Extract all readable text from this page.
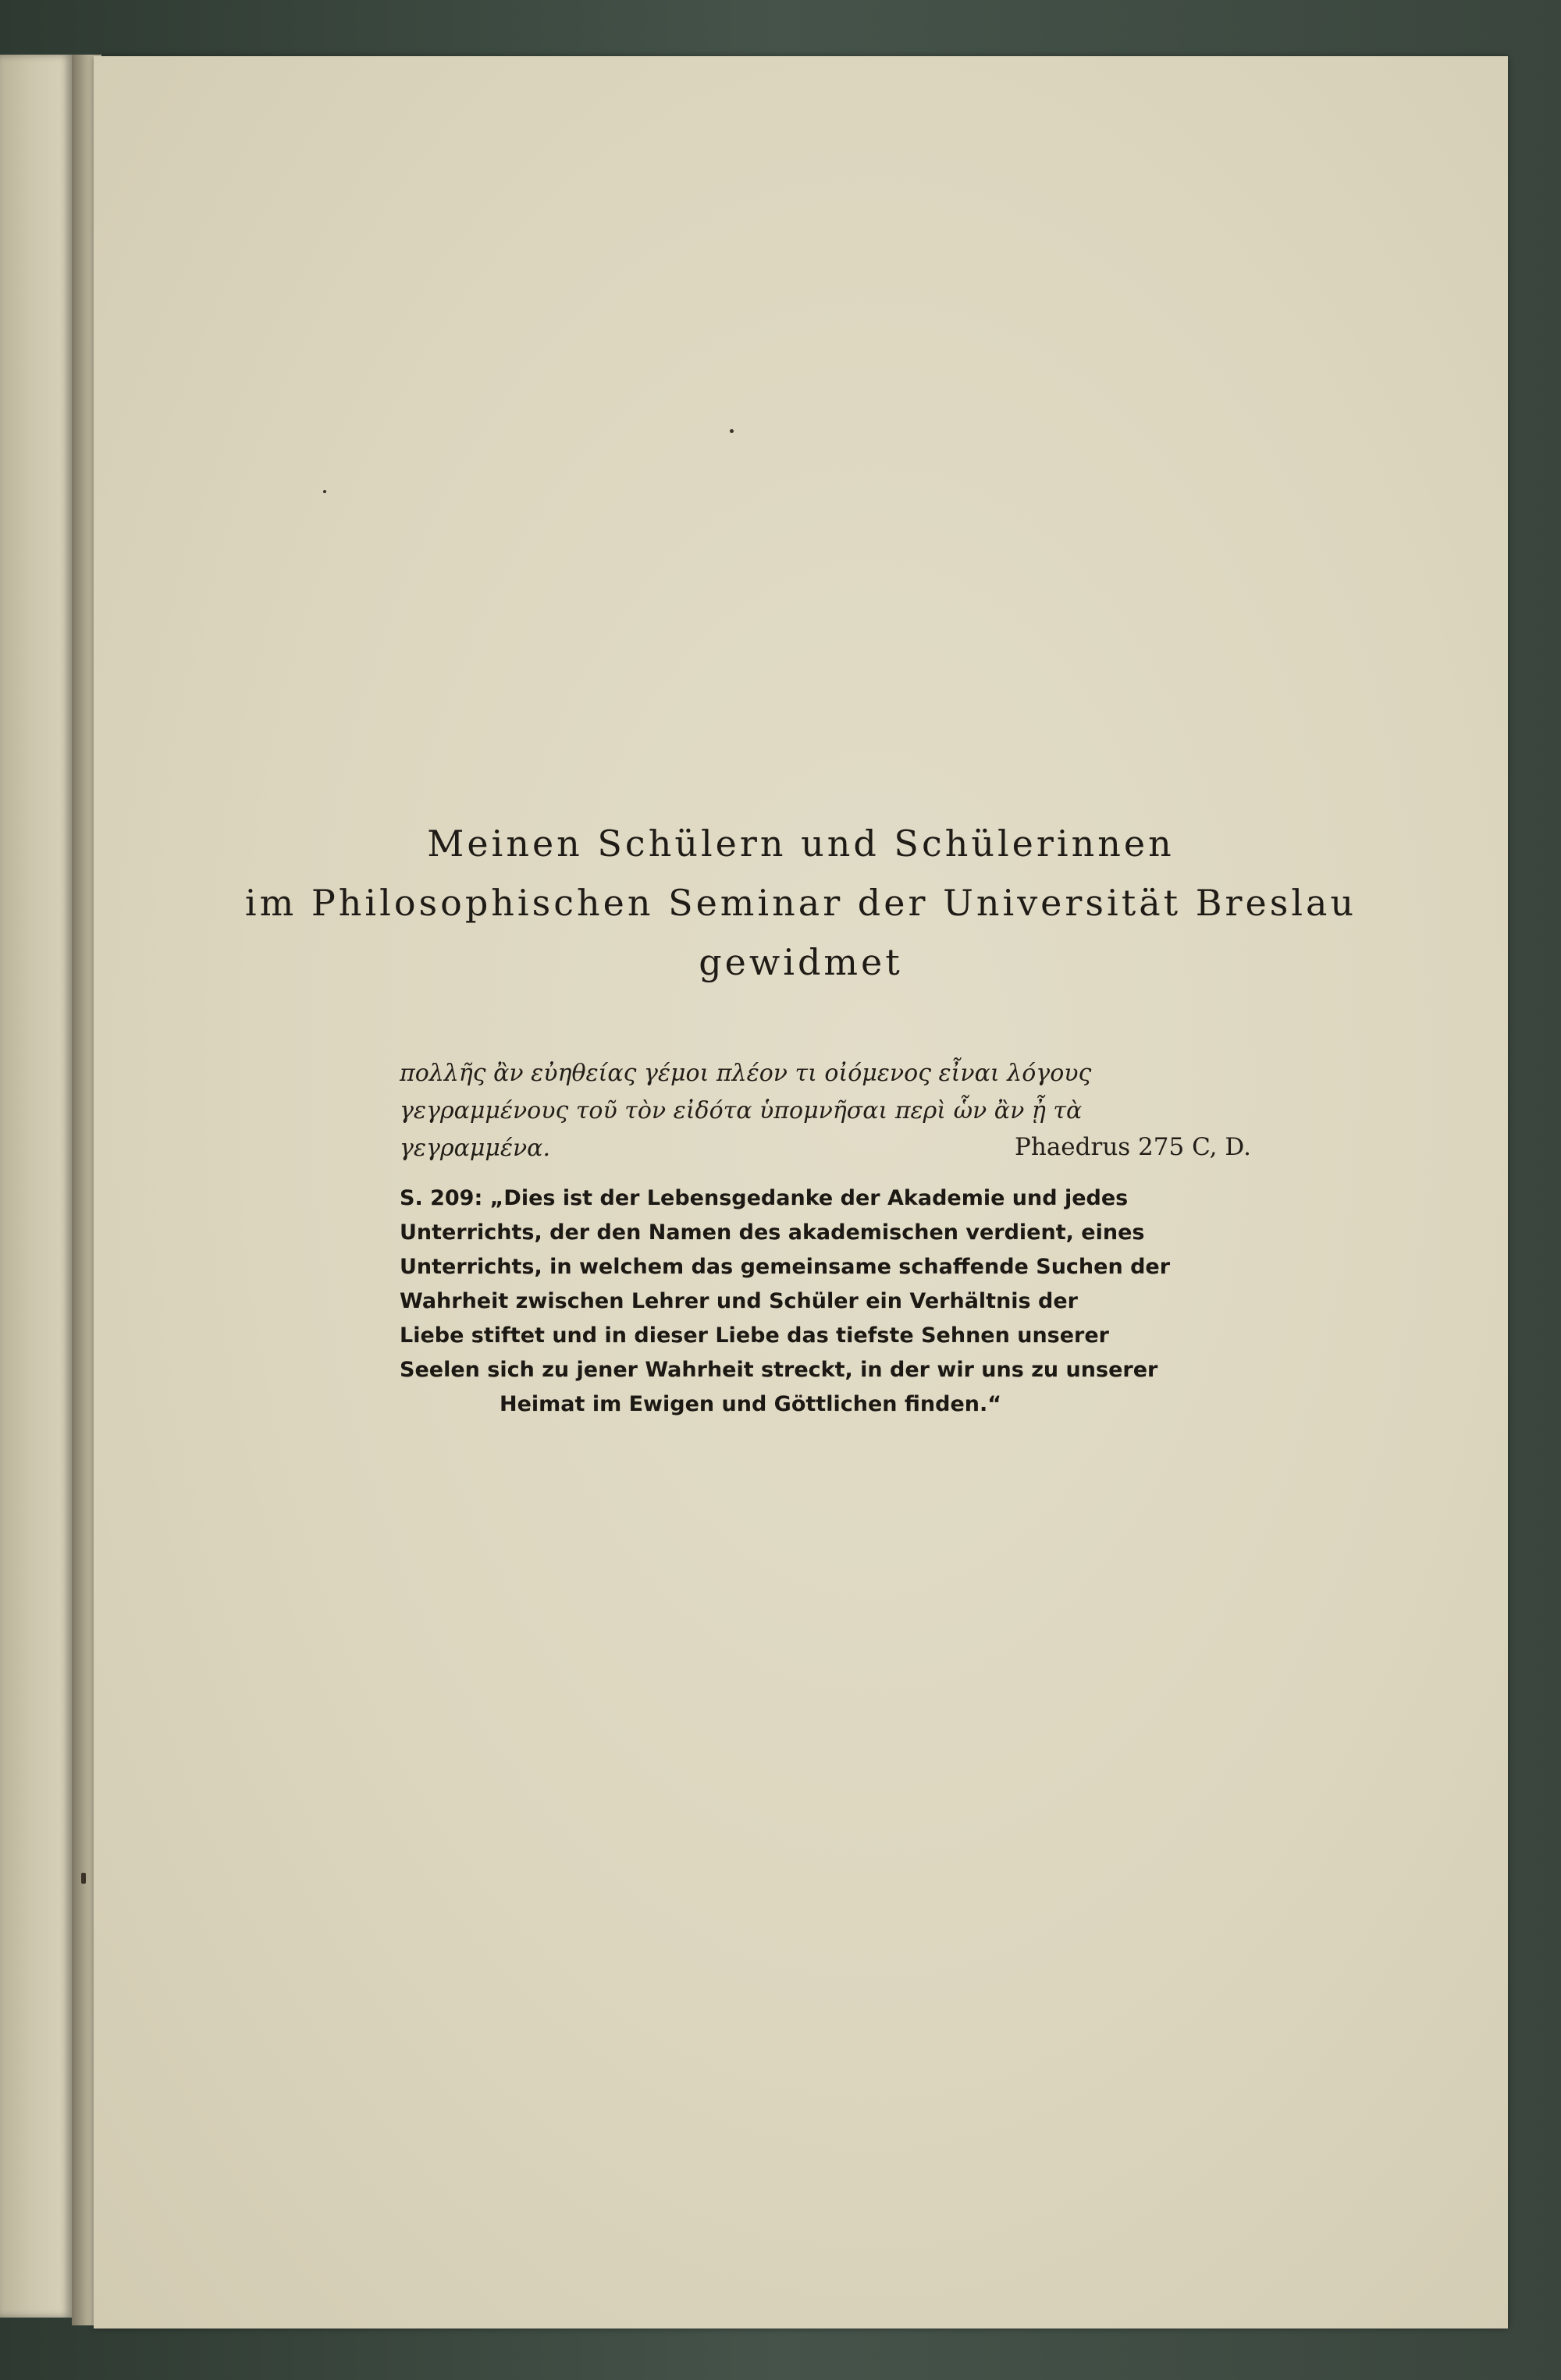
Meinen Schülern und Schülerinnen
im Philosophischen Seminar der Universität Breslau
gewidmet
πολλῆς ἂν εὐηθείας γέμοι πλέον τι οἰόμενος εἶναι λόγους
γεγραμμένους τοῦ τὸν εἰδότα ὑπομνῆσαι περὶ ὧν ἂν ᾖ τὰ
γεγραμμένα.	Phaedrus 275 C, D.
S. 209: „Dies ist der Lebensgedanke der Akademie und jedes
Unterrichts, der den Namen des akademischen verdient, eines
Unterrichts, in welchem das gemeinsame schaffende Suchen der
Wahrheit zwischen Lehrer und Schüler ein Verhältnis der
Liebe stiftet und in dieser Liebe das tiefste Sehnen unserer
Seelen sich zu jener Wahrheit streckt, in der wir uns zu unserer
Heimat im Ewigen und Göttlichen finden.“
